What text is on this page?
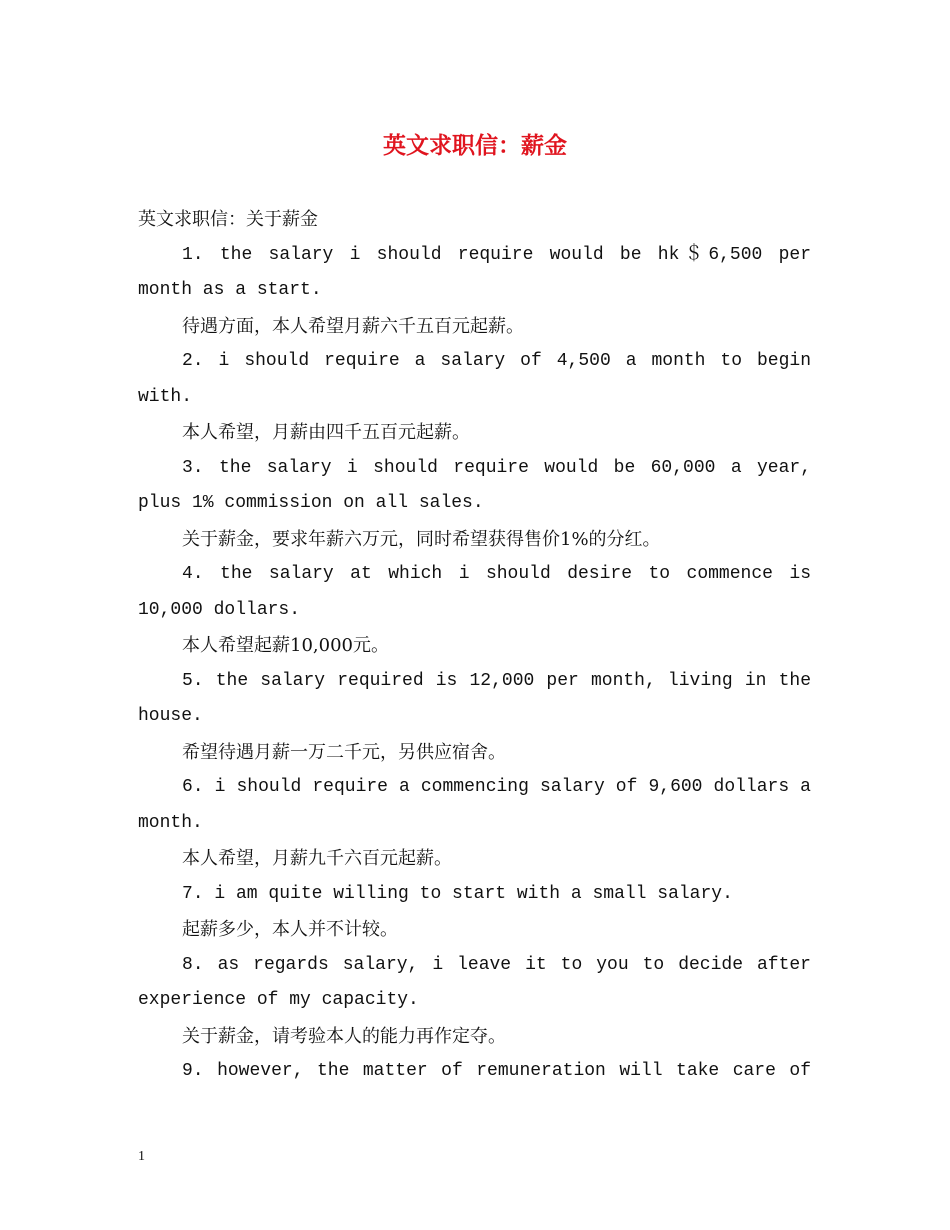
英文求职信：薪金

英文求职信：关于薪金

1. the salary i should require would be hk＄6,500 per month as a start.

待遇方面，本人希望月薪六千五百元起薪。

2. i should require a salary of 4,500 a month to begin with.

本人希望，月薪由四千五百元起薪。

3. the salary i should require would be 60,000 a year, plus 1% commission on all sales.

关于薪金，要求年薪六万元，同时希望获得售价1%的分红。

4. the salary at which i should desire to commence is 10,000 dollars.

本人希望起薪10,000元。

5. the salary required is 12,000 per month, living in the house.

希望待遇月薪一万二千元，另供应宿舍。

6. i should require a commencing salary of 9,600 dollars a month.

本人希望，月薪九千六百元起薪。

7. i am quite willing to start with a small salary.

起薪多少，本人并不计较。

8. as regards salary, i leave it to you to decide after experience of my capacity.

关于薪金，请考验本人的能力再作定夺。

9. however, the matter of remuneration will take care of

1
